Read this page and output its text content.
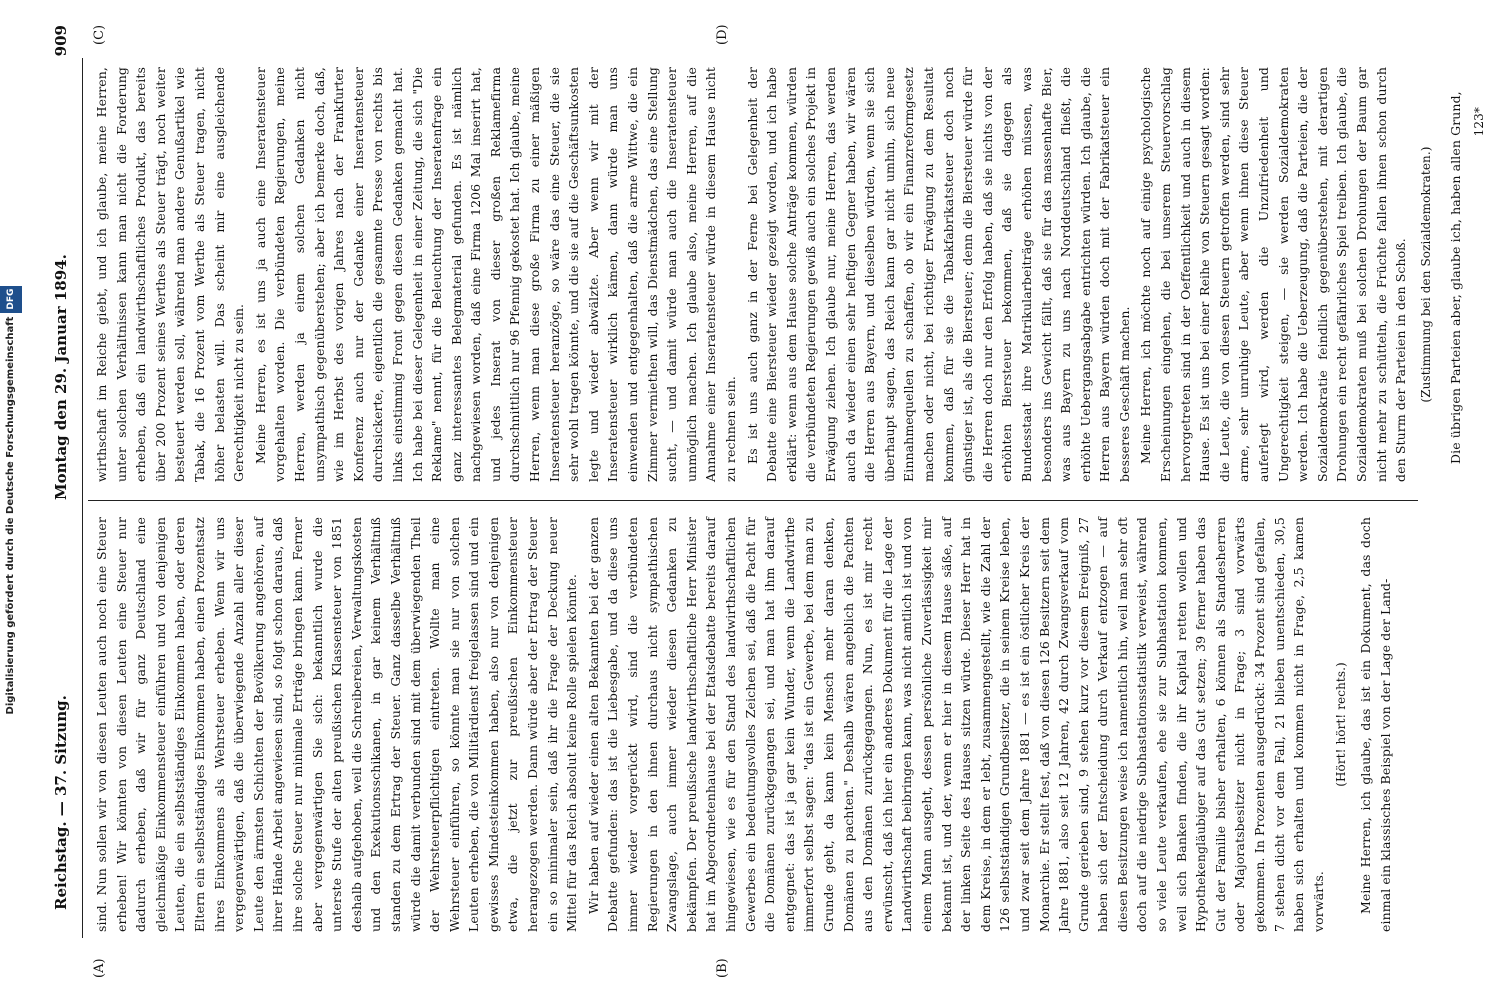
Reichstag. — 37. Sitzung.
Montag den 29. Januar 1894.
909
(A)	(B)
(C)	(D)

sind. Nun sollen wir von diesen Leuten auch noch eine Steuer erheben! Wir könnten von diesen Leuten eine Steuer nur dadurch erheben, daß wir für ganz Deutschland eine gleichmäßige Einkommensteuer einführen und von denjenigen Leuten, die ein selbstständiges Einkommen haben, oder deren Eltern ein selbstständiges Einkommen haben, einen Prozentsatz ihres Einkommens als Wehrsteuer erheben. Wenn wir uns vergegenwärtigen, daß die überwiegende Anzahl aller dieser Leute den ärmsten Schichten der Bevölkerung angehören, auf ihrer Hände Arbeit angewiesen sind, so folgt schon daraus, daß ihre solche Steuer nur minimale Erträge bringen kann. Ferner aber vergegenwärtigen Sie sich: bekanntlich wurde die unterste Stufe der alten preußischen Klassensteuer von 1851 deshalb aufgehoben, weil die Schreibereien, Verwaltungskosten und den Exekutionsschikanen, in gar keinem Verhältniß standen zu dem Ertrag der Steuer. Ganz dasselbe Verhältniß würde die damit verbunden sind mit dem überwiegenden Theil der Wehrsteuerpflichtigen eintreten. Wollte man eine Wehrsteuer einführen, so könnte man sie nur von solchen Leuten erheben, die von Militärdienst freigelassen sind und ein gewisses Mindesteinkommen haben, also nur von denjenigen etwa, die jetzt zur preußischen Einkommensteuer herangezogen werden. Dann würde aber der Ertrag der Steuer ein so minimaler sein, daß ihr die Frage der Deckung neuer Mittel für das Reich absolut keine Rolle spielen könnte. Wir haben auf wieder einen alten Bekannten bei der ganzen Debatte gefunden: das ist die Liebesgabe, und da diese uns immer wieder vorgerückt wird, sind die verbündeten Regierungen in den ihnen durchaus nicht sympathischen Zwangslage, auch immer wieder diesen Gedanken zu bekämpfen. Der preußische landwirthschaftliche Herr Minister hat im Abgeordnetenhause bei der Etatsdebatte bereits darauf hingewiesen, wie es für den Stand des landwirthschaftlichen Gewerbes ein bedeutungsvolles Zeichen sei, daß die Pacht für die Domänen zurückgegangen sei, und man hat ihm darauf entgegnet: das ist ja gar kein Wunder, wenn die Landwirthe immerfort selbst sagen: "das ist ein Gewerbe, bei dem man zu Grunde geht, da kann kein Mensch mehr daran denken, Domänen zu pachten." Deshalb wären angeblich die Pachten aus den Domänen zurückgegangen. Nun, es ist mir recht erwünscht, daß ich hier ein anderes Dokument für die Lage der Landwirthschaft beibringen kann, was nicht amtlich ist und von einem Mann ausgeht, dessen persönliche Zuverlässigkeit mir bekannt ist, und der, wenn er hier in diesem Hause säße, auf der linken Seite des Hauses sitzen würde. Dieser Herr hat in dem Kreise, in dem er lebt, zusammengestellt, wie die Zahl der 126 selbstständigen Grundbesitzer, die in seinem Kreise leben, und zwar seit dem Jahre 1881 — es ist ein östlicher Kreis der Monarchie. Er stellt fest, daß von diesen 126 Besitzern seit dem Jahre 1881, also seit 12 Jahren, 42 durch Zwangsverkauf vom Grunde gerieben sind, 9 stehen kurz vor diesem Ereigniß, 27 haben sich der Entscheidung durch Verkauf entzogen — auf diesen Besitzungen weise ich namentlich hin, weil man sehr oft doch auf die niedrige Subhastationsstatistik verweist, während so viele Leute verkaufen, ehe sie zur Subhastation kommen, weil sich Banken finden, die ihr Kapital retten wollen und Hypothekengläubiger auf das Gut setzen; 39 ferner haben das Gut der Familie bisher erhalten, 6 können als Standesherren oder Majoratsbesitzer nicht in Frage; 3 sind vorwärts gekommen. In Prozenten ausgedrückt: 34 Prozent sind gefallen, 7 stehen dicht vor dem Fall, 21 blieben unentschieden, 30,5 haben sich erhalten und kommen nicht in Frage, 2,5 kamen vorwärts.

(Hört! hört! rechts.) Meine Herren, ich glaube, das ist ein Dokument, das doch einmal ein klassisches Beispiel von der Lage der Land-

wirthschaft im Reiche giebt, und ich glaube, meine Herren, unter solchen Verhältnissen kann man nicht die Forderung erheben, daß ein landwirthschaftliches Produkt, das bereits über 200 Prozent seines Werthes als Steuer trägt, noch weiter besteuert werden soll, während man andere Genußartikel wie Tabak, die 16 Prozent vom Werthe als Steuer tragen, nicht höher belasten will. Das scheint mir eine ausgleichende Gerechtigkeit nicht zu sein. Meine Herren, es ist uns ja auch eine Inseratensteuer vorgehalten worden. Die verbündeten Regierungen, meine Herren, werden ja einem solchen Gedanken nicht unsympathisch gegenüberstehen; aber ich bemerke doch, daß, wie im Herbst des vorigen Jahres nach der Frankfurter Konferenz auch nur der Gedanke einer Inseratensteuer durchsickerte, eigentlich die gesammte Presse von rechts bis links einstimmig Front gegen diesen Gedanken gemacht hat. Ich habe bei dieser Gelegenheit in einer Zeitung, die sich "Die Reklame" nennt, für die Beleuchtung der Inseratenfrage ein ganz interessantes Belegmaterial gefunden. Es ist nämlich nachgewiesen worden, daß eine Firma 1206 Mal inserirt hat, und jedes Inserat von dieser großen Reklamefirma durchschnittlich nur 96 Pfennig gekostet hat. Ich glaube, meine Herren, wenn man diese große Firma zu einer mäßigen Inseratensteuer heranzöge, so wäre das eine Steuer, die sie sehr wohl tragen könnte, und die sie auf die Geschäftsunkosten legte und wieder abwälzte. Aber wenn wir mit der Inseratensteuer wirklich kämen, dann würde man uns einwenden und entgegenhalten, daß die arme Wittwe, die ein Zimmer vermiethen will, das Dienstmädchen, das eine Stellung sucht, — und damit würde man auch die Inseratensteuer unmöglich machen. Ich glaube also, meine Herren, auf die Annahme einer Inseratensteuer würde in diesem Hause nicht zu rechnen sein. Es ist uns auch ganz in der Ferne bei Gelegenheit der Debatte eine Biersteuer wieder gezeigt worden, und ich habe erklärt: wenn aus dem Hause solche Anträge kommen, würden die verbündeten Regierungen gewiß auch ein solches Projekt in Erwägung ziehen. Ich glaube nur, meine Herren, das werden auch da wieder einen sehr heftigen Gegner haben, wir wären die Herren aus Bayern, und dieselben würden, wenn sie sich überhaupt sagen, das Reich kann gar nicht umhin, sich neue Einnahmequellen zu schaffen, ob wir ein Finanzreformgesetz machen oder nicht, bei richtiger Erwägung zu dem Resultat kommen, daß für sie die Tabakfabrikatsteuer doch noch günstiger ist, als die Biersteuer; denn die Biersteuer würde für die Herren doch nur den Erfolg haben, daß sie nichts von der erhöhten Biersteuer bekommen, daß sie dagegen als Bundesstaat ihre Matrikularbeiträge erhöhen müssen, was besonders ins Gewicht fällt, daß sie für das massenhafte Bier, was aus Bayern zu uns nach Norddeutschland fließt, die erhöhte Uebergangsabgabe entrichten würden. Ich glaube, die Herren aus Bayern würden doch mit der Fabrikatsteuer ein besseres Geschäft machen. Meine Herren, ich möchte noch auf einige psychologische Erscheinungen eingehen, die bei unserem Steuervorschlag hervorgetreten sind in der Oeffentlichkeit und auch in diesem Hause. Es ist uns bei einer Reihe von Steuern gesagt worden: die Leute, die von diesen Steuern getroffen werden, sind sehr arme, sehr unruhige Leute, aber wenn ihnen diese Steuer auferlegt wird, werden die Unzufriedenheit und Ungerechtigkeit steigen, — sie werden Sozialdemokraten werden. Ich habe die Ueberzeugung, daß die Parteien, die der Sozialdemokratie feindlich gegenüberstehen, mit derartigen Drohungen ein recht gefährliches Spiel treiben. Ich glaube, die Sozialdemokraten muß bei solchen Drohungen der Baum gar nicht mehr zu schütteln, die Früchte fallen ihnen schon durch den Sturm der Parteien in den Schoß. (Zustimmung bei den Sozialdemokraten.) Die übrigen Parteien aber, glaube ich, haben allen Grund, 123*

Digitalisierung gefördert durch die Deutsche ForschungsgemeinschaftDFG
